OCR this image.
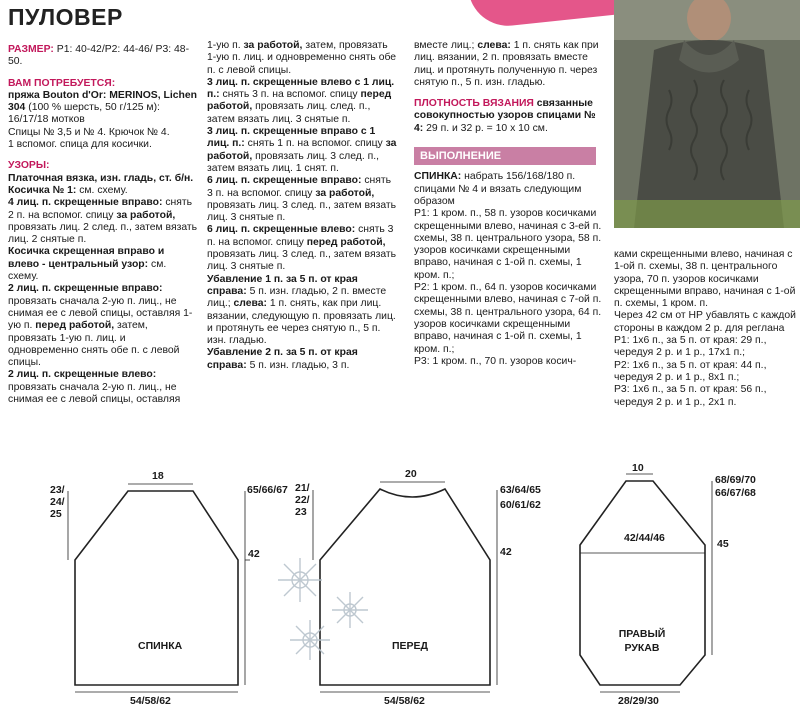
ПУЛОВЕР

РАЗМЕР: Р1: 40-42/Р2: 44-46/ Р3: 48-50.

ВАМ ПОТРЕБУЕТСЯ:

пряжа Bouton d'Or: MERINOS, Lichen 304 (100 % шерсть, 50 г/125 м): 16/17/18 мотков

Спицы № 3,5 и № 4. Крючок № 4.

1 вспомог. спица для косички.

УЗОРЫ:

Платочная вязка, изн. гладь, ст. б/н.

Косичка № 1: см. схему.

4 лиц. п. скрещенные вправо: снять 2 п. на вспомог. спицу за работой, провязать лиц. 2 след. п., затем вязать лиц. 2 снятые п.

Косичка скрещенная вправо и влево - центральный узор: см. схему.

2 лиц. п. скрещенные вправо: провязать сначала 2-ую п. лиц., не снимая ее с левой спицы, оставляя 1-ую п. перед работой, затем, провязать 1-ую п. лиц. и одновременно снять обе п. с левой спицы.

2 лиц. п. скрещенные влево: провязать сначала 2-ую п. лиц., не снимая ее с левой спицы, оставляя

1-ую п. за работой, затем, провязать 1-ую п. лиц. и одновременно снять обе п. с левой спицы.

3 лиц. п. скрещенные влево с 1 лиц. п.: снять 3 п. на вспомог. спицу перед работой, провязать лиц. след. п., затем вязать лиц. 3 снятые п.

3 лиц. п. скрещенные вправо с 1 лиц. п.: снять 1 п. на вспомог. спицу за работой, провязать лиц. 3 след. п., затем вязать лиц. 1 снят. п.

6 лиц. п. скрещенные вправо: снять 3 п. на вспомог. спицу за работой, провязать лиц. 3 след. п., затем вязать лиц. 3 снятые п.

6 лиц. п. скрещенные влево: снять 3 п. на вспомог. спицу перед работой, провязать лиц. 3 след. п., затем вязать лиц. 3 снятые п.

Убавление 1 п. за 5 п. от края справа: 5 п. изн. гладью, 2 п. вместе лиц.; слева: 1 п. снять, как при лиц. вязании, следующую п. провязать лиц. и протянуть ее через снятую п., 5 п. изн. гладью.

Убавление 2 п. за 5 п. от края справа: 5 п. изн. гладью, 3 п.

вместе лиц.; слева: 1 п. снять как при лиц. вязании, 2 п. провязать вместе лиц. и протянуть полученную п. через снятую п., 5 п. изн. гладью.

ПЛОТНОСТЬ ВЯЗАНИЯ связанные совокупностью узоров спицами № 4: 29 п. и 32 р. = 10 х 10 см.

ВЫПОЛНЕНИЕ

СПИНКА: набрать 156/168/180 п. спицами № 4 и вязать следующим образом

Р1: 1 кром. п., 58 п. узоров косичками скрещенными влево, начиная с 3-ей п. схемы, 38 п. центрального узора, 58 п. узоров косичками скрещенными вправо, начиная с 1-ой п. схемы, 1 кром. п.;

Р2: 1 кром. п., 64 п. узоров косичками скрещенными влево, начиная с 7-ой п. схемы, 38 п. центрального узора, 64 п. узоров косичками скрещенными вправо, начиная с 1-ой п. схемы, 1 кром. п.;

Р3: 1 кром. п., 70 п. узоров косич-

ками скрещенными влево, начиная с 1-ой п. схемы, 38 п. центрального узора, 70 п. узоров косичками скрещенными вправо, начиная с 1-ой п. схемы, 1 кром. п.

Через 42 см от НР убавлять с каждой стороны в каждом 2 р. для реглана

Р1: 1х6 п., за 5 п. от края: 29 п., чередуя 2 р. и 1 р., 17х1 п.;

Р2: 1х6 п., за 5 п. от края: 44 п., чередуя 2 р. и 1 р., 8х1 п.;

Р3: 1х6 п., за 5 п. от края: 56 п., чередуя 2 р. и 1 р., 2х1 п.

18
23/
24/
25
65/66/67
42
СПИНКА
54/58/62
20
21/
22/
23
63/64/65
60/61/62
42
ПЕРЕД
54/58/62
10
42/44/46
68/69/70
66/67/68
45
ПРАВЫЙ
РУКАВ
28/29/30
